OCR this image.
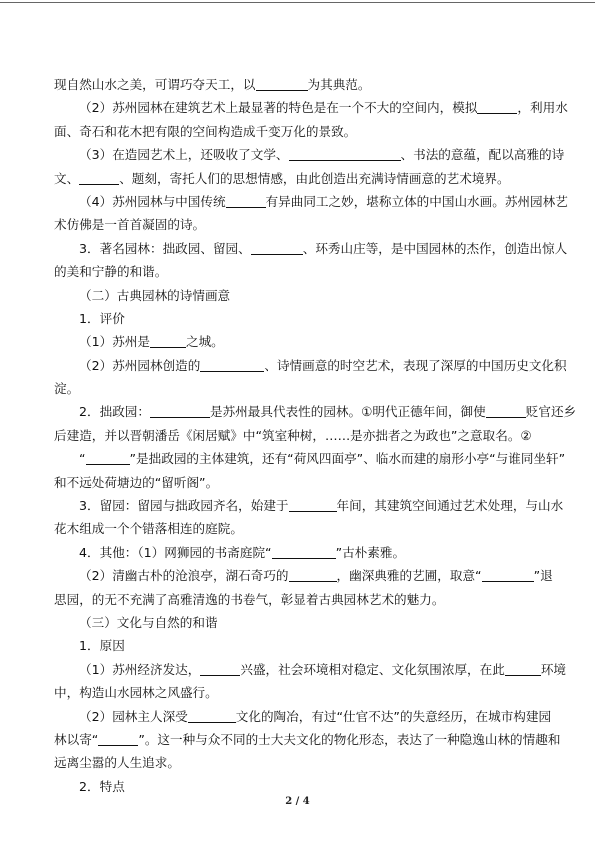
现自然山水之美，可谓巧夺天工，以	为其典范。
（2）苏州园林在建筑艺术上最显著的特色是在一个不大的空间内，模拟	，利用水
面、奇石和花木把有限的空间构造成千变万化的景致。
（3）在造园艺术上，还吸收了文学、	、书法的意蕴，配以高雅的诗
文、	、题刻，寄托人们的思想情感，由此创造出充满诗情画意的艺术境界。
（4）苏州园林与中国传统	有异曲同工之妙，堪称立体的中国山水画。苏州园林艺
术仿佛是一首首凝固的诗。
3．著名园林：拙政园、留园、	、环秀山庄等，是中国园林的杰作，创造出惊人
的美和宁静的和谐。
（二）古典园林的诗情画意
1．评价
（1）苏州是	之城。
（2）苏州园林创造的	、诗情画意的时空艺术，表现了深厚的中国历史文化积
淀。
2．拙政园：	是苏州最具代表性的园林。①明代正德年间，御使	贬官还乡
后建造，并以晋朝潘岳《闲居赋》中“筑室种树，……是亦拙者之为政也”之意取名。②
“	”是拙政园的主体建筑，还有“荷风四面亭”、临水而建的扇形小亭“与谁同坐轩”
和不远处荷塘边的“留听阁”。
3．留园：留园与拙政园齐名，始建于	年间，其建筑空间通过艺术处理，与山水
花木组成一个个错落相连的庭院。
4．其他：（1）网狮园的书斋庭院“	”古朴素雅。
（2）清幽古朴的沧浪亭，湖石奇巧的	，幽深典雅的艺圃，取意“	”退
思园，的无不充满了高雅清逸的书卷气，彰显着古典园林艺术的魅力。
（三）文化与自然的和谐
1．原因
（1）苏州经济发达，	兴盛，社会环境相对稳定、文化氛围浓厚，在此	环境
中，构造山水园林之风盛行。
（2）园林主人深受	文化的陶冶，有过“仕官不达”的失意经历，在城市构建园
林以寄“	”。这一种与众不同的士大夫文化的物化形态，表达了一种隐逸山林的情趣和
远离尘嚣的人生追求。
2．特点
2 / 4
